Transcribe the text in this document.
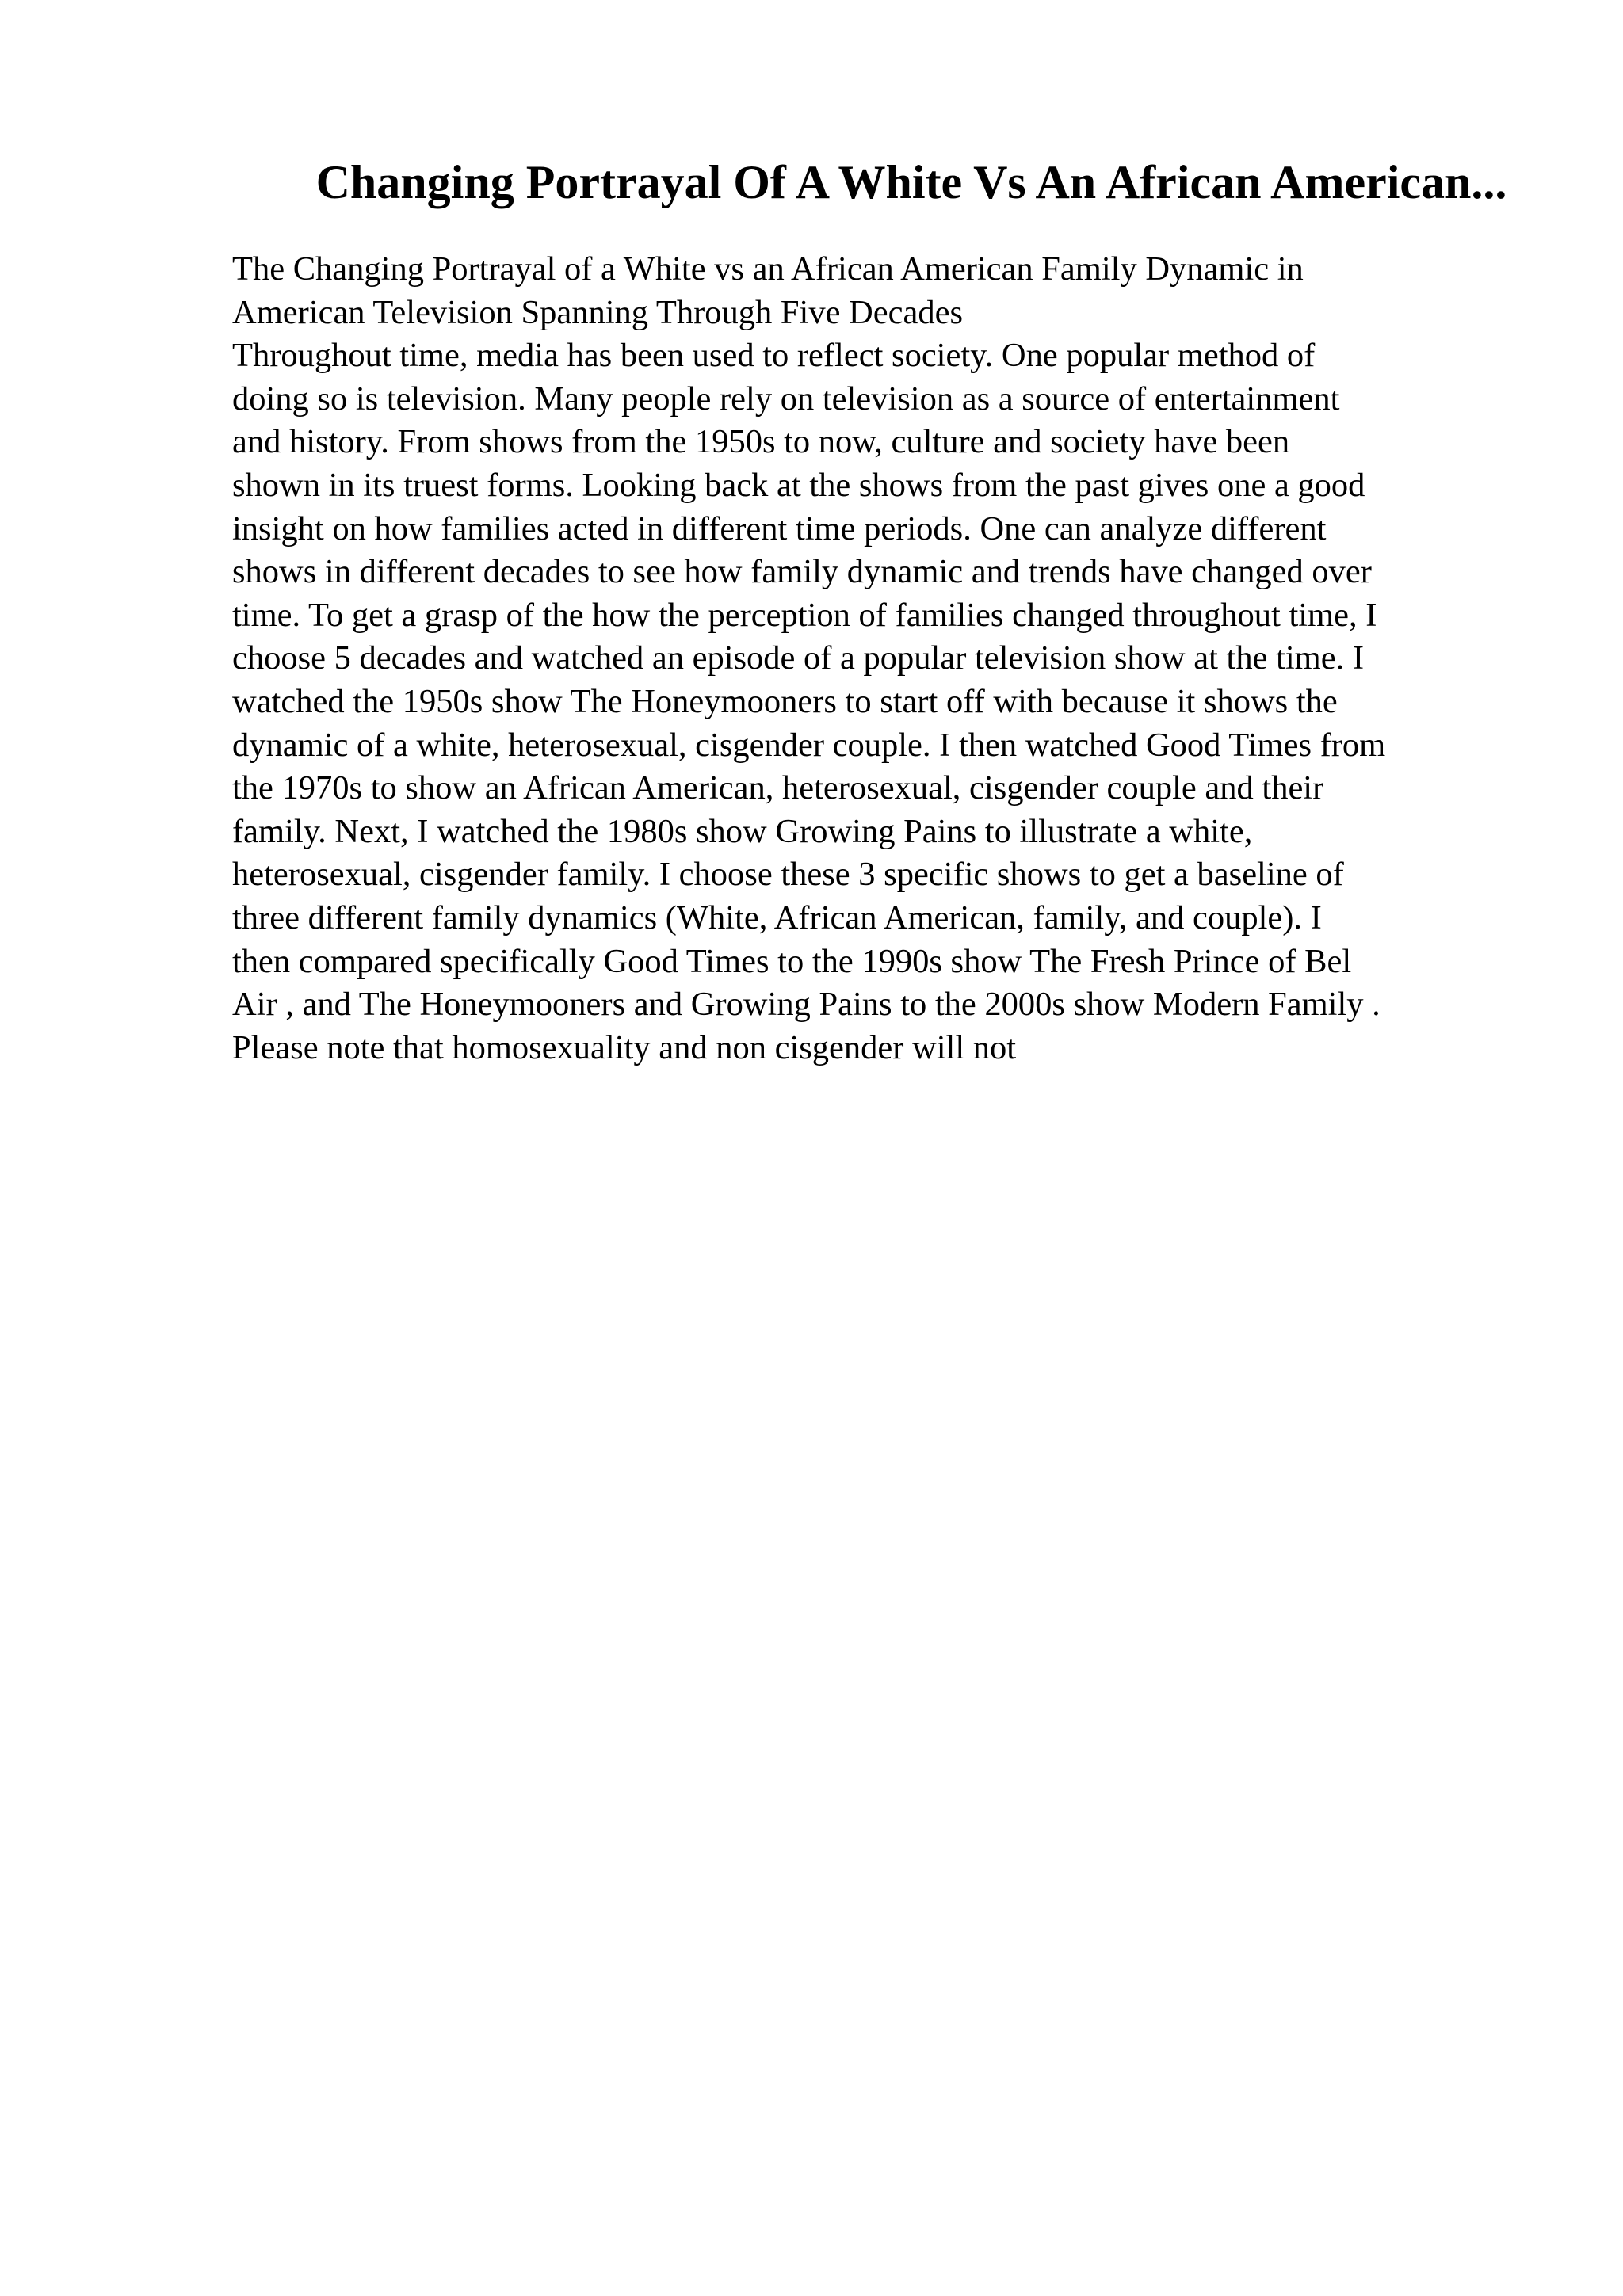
Changing Portrayal Of A White Vs An African American...
The Changing Portrayal of a White vs an African American Family Dynamic in
American Television Spanning Through Five Decades
Throughout time, media has been used to reflect society. One popular method of
doing so is television. Many people rely on television as a source of entertainment
and history. From shows from the 1950s to now, culture and society have been
shown in its truest forms. Looking back at the shows from the past gives one a good
insight on how families acted in different time periods. One can analyze different
shows in different decades to see how family dynamic and trends have changed over
time. To get a grasp of the how the perception of families changed throughout time, I
choose 5 decades and watched an episode of a popular television show at the time. I
watched the 1950s show The Honeymooners to start off with because it shows the
dynamic of a white, heterosexual, cisgender couple. I then watched Good Times from
the 1970s to show an African American, heterosexual, cisgender couple and their
family. Next, I watched the 1980s show Growing Pains to illustrate a white,
heterosexual, cisgender family. I choose these 3 specific shows to get a baseline of
three different family dynamics (White, African American, family, and couple). I
then compared specifically Good Times to the 1990s show The Fresh Prince of Bel
Air , and The Honeymooners and Growing Pains to the 2000s show Modern Family .
Please note that homosexuality and non cisgender will not
